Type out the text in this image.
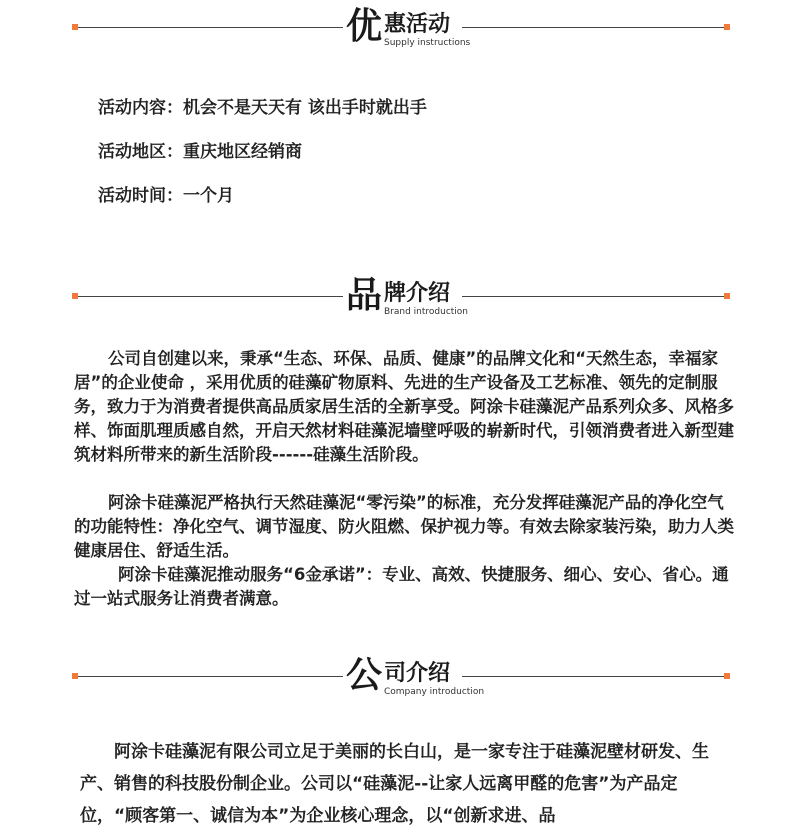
优 惠活动
Supply instructions
活动内容：机会不是天天有 该出手时就出手
活动地区：重庆地区经销商
活动时间：一个月
品 牌介绍
Brand introduction
公司自创建以来，秉承“生态、环保、品质、健康”的品牌文化和“天然生态，幸福家居”的企业使命 ，采用优质的硅藻矿物原料、先进的生产设备及工艺标准、领先的定制服务，致力于为消费者提供高品质家居生活的全新享受。阿涂卡硅藻泥产品系列众多、风格多样、饰面肌理质感自然，开启天然材料硅藻泥墙壁呼吸的崭新时代，引领消费者进入新型建筑材料所带来的新生活阶段------硅藻生活阶段。
阿涂卡硅藻泥严格执行天然硅藻泥“零污染”的标准，充分发挥硅藻泥产品的净化空气的功能特性：净化空气、调节湿度、防火阻燃、保护视力等。有效去除家装污染，助力人类健康居住、舒适生活。
阿涂卡硅藻泥推动服务“6金承诺”：专业、高效、快捷服务、细心、安心、省心。通过一站式服务让消费者满意。
公 司介绍
Company introduction
阿涂卡硅藻泥有限公司立足于美丽的长白山，是一家专注于硅藻泥壁材研发、生产、销售的科技股份制企业。公司以“硅藻泥--让家人远离甲醛的危害”为产品定位，“顾客第一、诚信为本”为企业核心理念，以“创新求进、品
